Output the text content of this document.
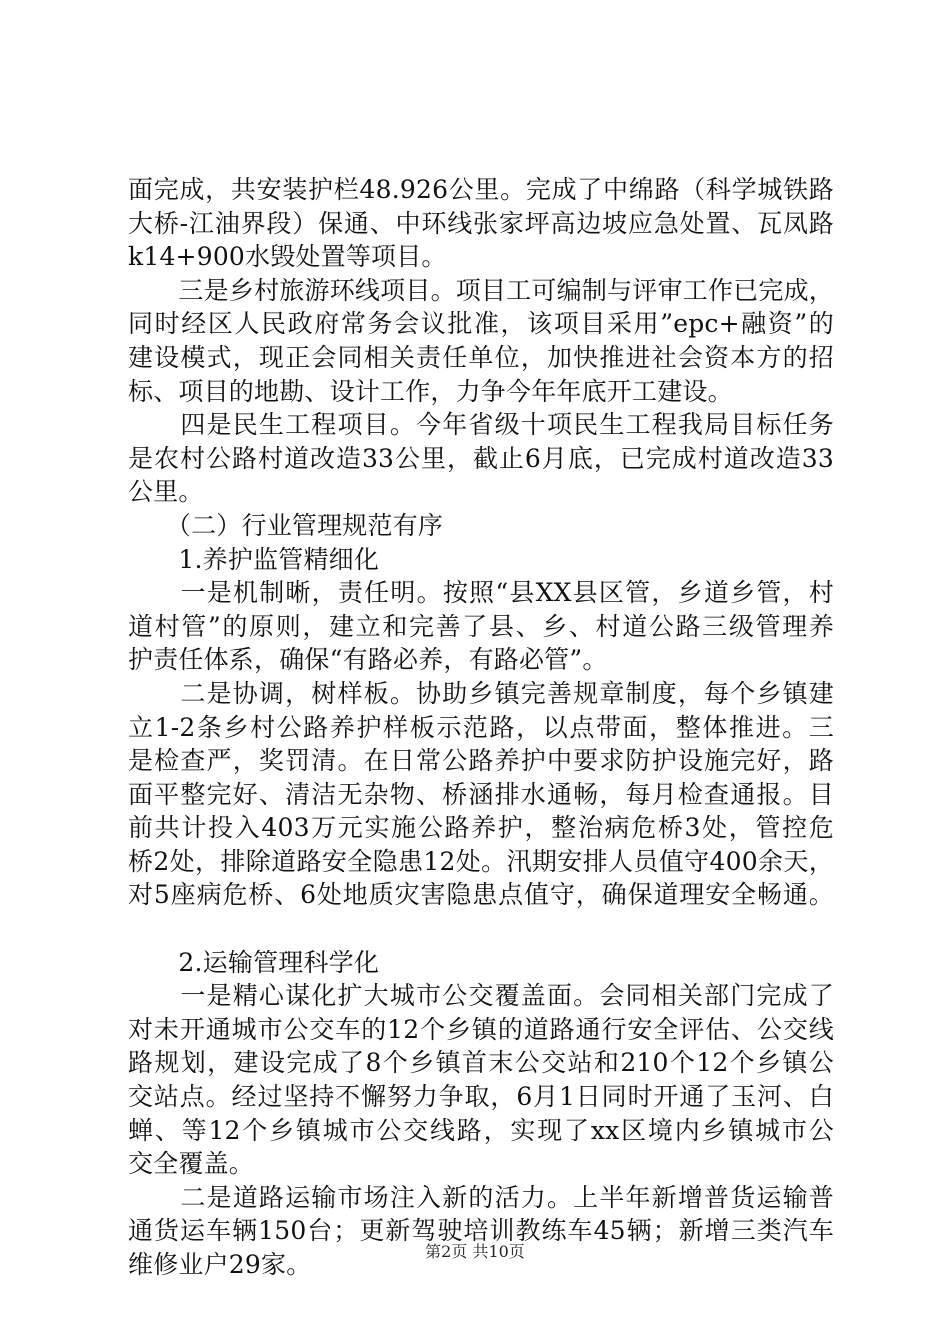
面完成，共安装护栏48.926公里。完成了中绵路（科学城铁路
大桥-江油界段）保通、中环线张家坪高边坡应急处置、瓦凤路
k14+900水毁处置等项目。
　　三是乡村旅游环线项目。项目工可编制与评审工作已完成，
同时经区人民政府常务会议批准，该项目采用”epc+融资”的
建设模式，现正会同相关责任单位，加快推进社会资本方的招
标、项目的地勘、设计工作，力争今年年底开工建设。
　　四是民生工程项目。今年省级十项民生工程我局目标任务
是农村公路村道改造33公里，截止6月底，已完成村道改造33
公里。
　　（二）行业管理规范有序
　　1.养护监管精细化
　　一是机制晰，责任明。按照“县XX县区管，乡道乡管，村
道村管”的原则，建立和完善了县、乡、村道公路三级管理养
护责任体系，确保“有路必养，有路必管”。
　　二是协调，树样板。协助乡镇完善规章制度，每个乡镇建
立1-2条乡村公路养护样板示范路，以点带面，整体推进。三
是检查严，奖罚清。在日常公路养护中要求防护设施完好，路
面平整完好、清洁无杂物、桥涵排水通畅，每月检查通报。目
前共计投入403万元实施公路养护，整治病危桥3处，管控危
桥2处，排除道路安全隐患12处。汛期安排人员值守400余天，
对5座病危桥、6处地质灾害隐患点值守，确保道理安全畅通。
　　2.运输管理科学化
　　一是精心谋化扩大城市公交覆盖面。会同相关部门完成了
对未开通城市公交车的12个乡镇的道路通行安全评估、公交线
路规划，建设完成了8个乡镇首末公交站和210个12个乡镇公
交站点。经过坚持不懈努力争取，6月1日同时开通了玉河、白
蝉、等12个乡镇城市公交线路，实现了xx区境内乡镇城市公
交全覆盖。
　　二是道路运输市场注入新的活力。上半年新增普货运输普
通货运车辆150台；更新驾驶培训教练车45辆；新增三类汽车
维修业户29家。	第2页 共10页
